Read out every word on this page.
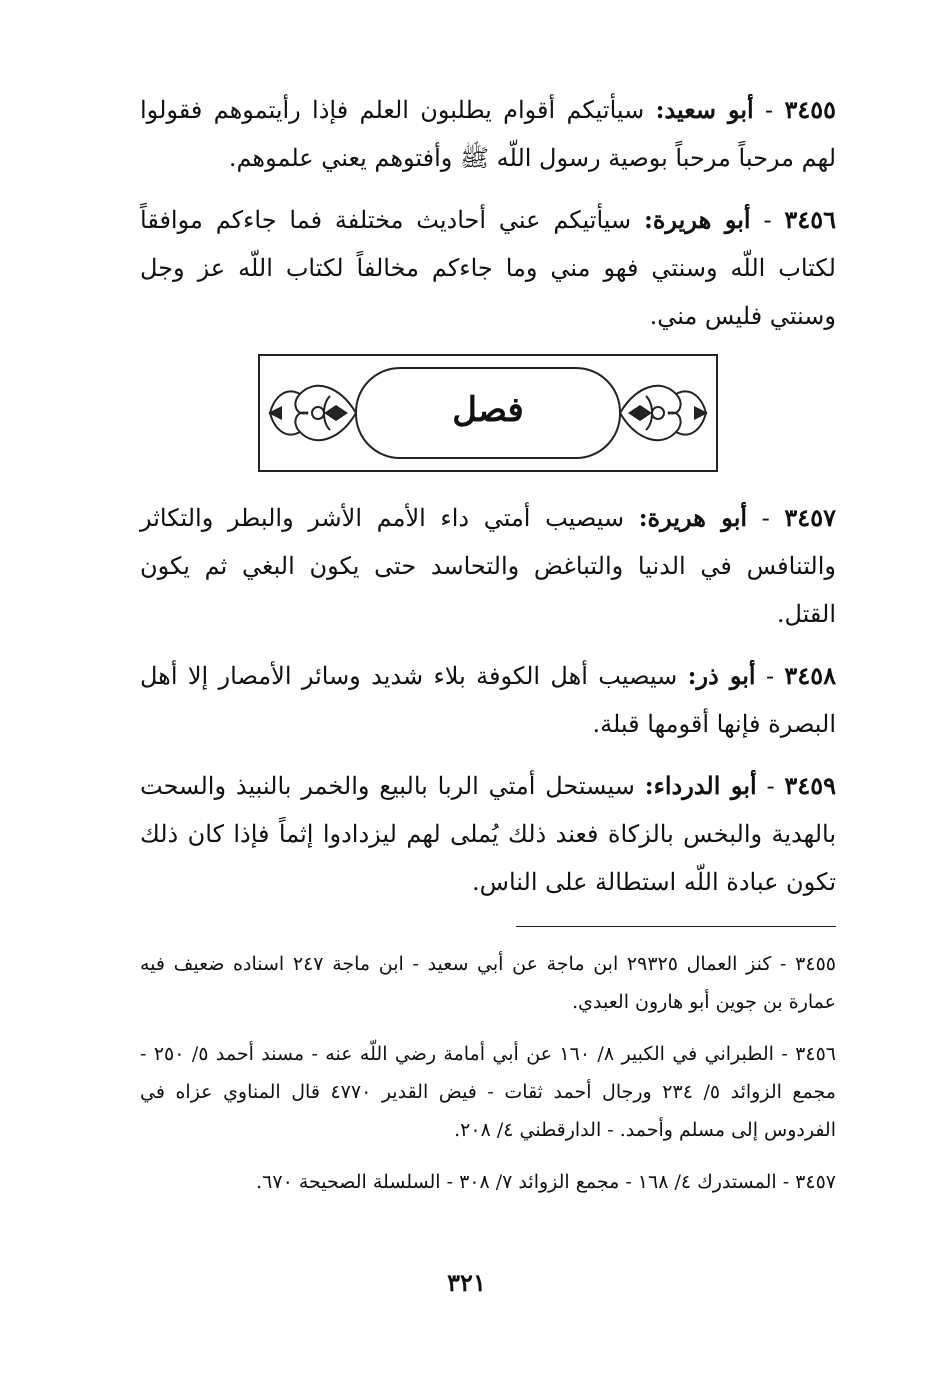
٣٤٥٥ - أبو سعيد: سيأتيكم أقوام يطلبون العلم فإذا رأيتموهم فقولوا لهم مرحباً مرحباً بوصية رسول اللّه ﷺ وأفتوهم يعني علموهم.

٣٤٥٦ - أبو هريرة: سيأتيكم عني أحاديث مختلفة فما جاءكم موافقاً لكتاب اللّه وسنتي فهو مني وما جاءكم مخالفاً لكتاب اللّه عز وجل وسنتي فليس مني.

فصل

٣٤٥٧ - أبو هريرة: سيصيب أمتي داء الأمم الأشر والبطر والتكاثر والتنافس في الدنيا والتباغض والتحاسد حتى يكون البغي ثم يكون القتل.

٣٤٥٨ - أبو ذر: سيصيب أهل الكوفة بلاء شديد وسائر الأمصار إلا أهل البصرة فإنها أقومها قبلة.

٣٤٥٩ - أبو الدرداء: سيستحل أمتي الربا بالبيع والخمر بالنبيذ والسحت بالهدية والبخس بالزكاة فعند ذلك يُملى لهم ليزدادوا إثماً فإذا كان ذلك تكون عبادة اللّه استطالة على الناس.

٣٤٥٥ - كنز العمال ٢٩٣٢٥ ابن ماجة عن أبي سعيد - ابن ماجة ٢٤٧ اسناده ضعيف فيه عمارة بن جوين أبو هارون العبدي.

٣٤٥٦ - الطبراني في الكبير ٨/ ١٦٠ عن أبي أمامة رضي اللّه عنه - مسند أحمد ٥/ ٢٥٠ - مجمع الزوائد ٥/ ٢٣٤ ورجال أحمد ثقات - فيض القدير ٤٧٧٠ قال المناوي عزاه في الفردوس إلى مسلم وأحمد. - الدارقطني ٤/ ٢٠٨.

٣٤٥٧ - المستدرك ٤/ ١٦٨ - مجمع الزوائد ٧/ ٣٠٨ - السلسلة الصحيحة ٦٧٠.

٣٢١
